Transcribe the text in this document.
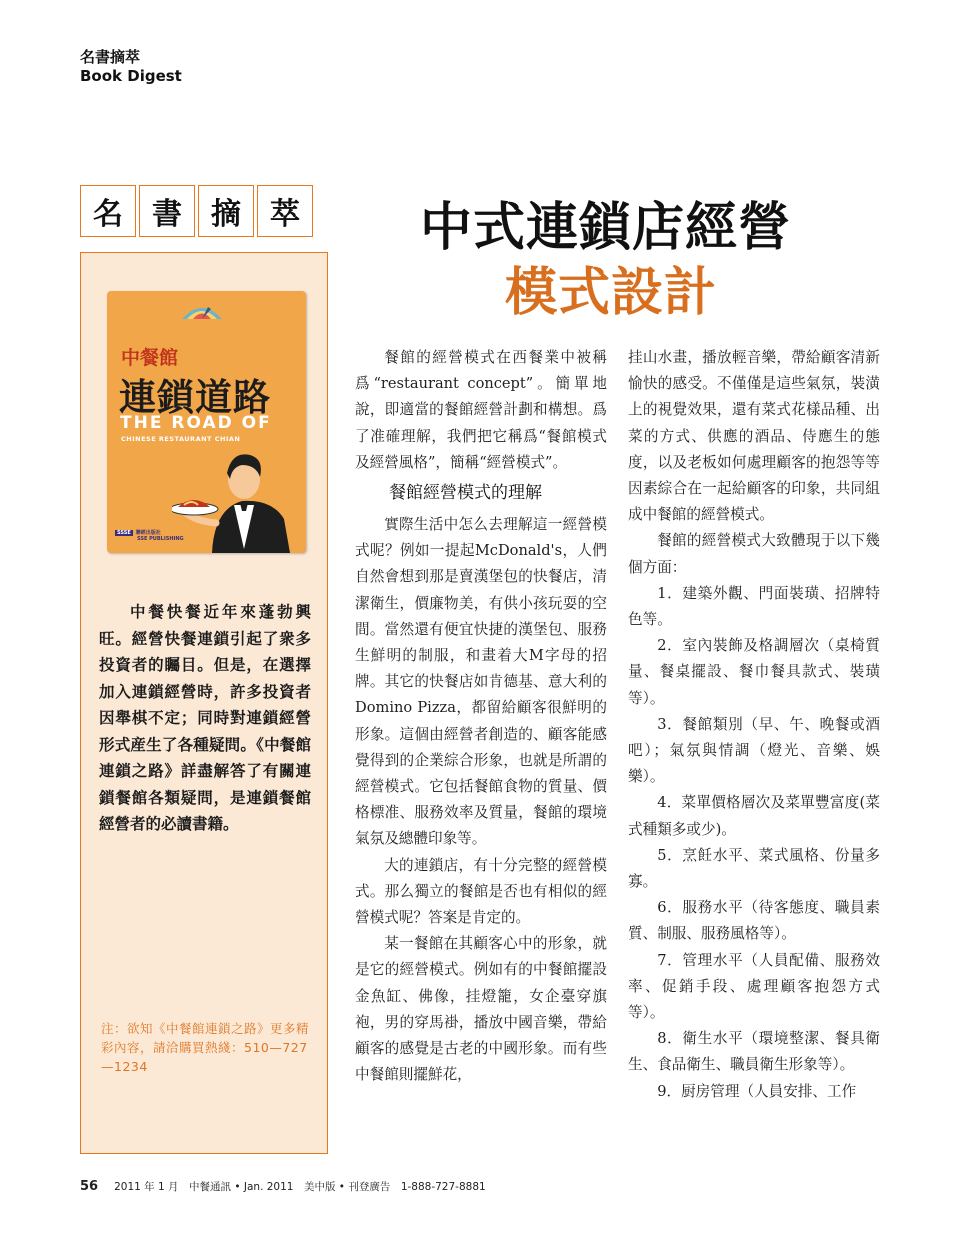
名書摘萃
Book Digest
名 書 摘 萃 中式連鎖店經營
模式設計
中餐館
連鎖道路
THE ROAD OF
CHINESE RESTAURANT CHIAN
SSSE 聯經出版社
SSE PUBLISHING

中餐快餐近年來蓬勃興旺。經營快餐連鎖引起了衆多投資者的矚目。但是，在選擇加入連鎖經營時，許多投資者因舉棋不定；同時對連鎖經營形式産生了各種疑問。《中餐館連鎖之路》詳盡解答了有關連鎖餐館各類疑問，是連鎖餐館經營者的必讀書籍。

注：欲知《中餐館連鎖之路》更多精彩內容，請洽購買熱綫：510—727—1234

餐館的經營模式在西餐業中被稱爲“restaurant concept”。簡單地說，即適當的餐館經營計劃和構想。爲了准確理解，我們把它稱爲“餐館模式及經營風格”，簡稱“經營模式”。

餐館經營模式的理解

實際生活中怎么去理解這一經營模式呢？例如一提起McDonald's，人們自然會想到那是賣漢堡包的快餐店，清潔衛生，價廉物美，有供小孩玩耍的空間。當然還有便宜快捷的漢堡包、服務生鮮明的制服，和畫着大M字母的招牌。其它的快餐店如肯德基、意大利的Domino Pizza，都留給顧客很鮮明的形象。這個由經營者創造的、顧客能感覺得到的企業綜合形象，也就是所謂的經營模式。它包括餐館食物的質量、價格標准、服務效率及質量，餐館的環境氣氛及總體印象等。

大的連鎖店，有十分完整的經營模式。那么獨立的餐館是否也有相似的經營模式呢？答案是肯定的。

某一餐館在其顧客心中的形象，就是它的經營模式。例如有的中餐館擺設金魚缸、佛像，挂燈籠，女企臺穿旗袍，男的穿馬褂，播放中國音樂，帶給顧客的感覺是古老的中國形象。而有些中餐館則擺鮮花，

挂山水畫，播放輕音樂，帶給顧客清新愉快的感受。不僅僅是這些氣氛，裝潢上的視覺效果，還有菜式花樣品種、出菜的方式、供應的酒品、侍應生的態度，以及老板如何處理顧客的抱怨等等因素綜合在一起給顧客的印象，共同組成中餐館的經營模式。

餐館的經營模式大致體現于以下幾個方面：

1．建築外觀、門面裝璜、招牌特色等。

2．室內裝飾及格調層次（桌椅質量、餐桌擺設、餐巾餐具款式、裝璜等）。

3．餐館類別（早、午、晚餐或酒吧）；氣氛與情調（燈光、音樂、娛樂）。

4．菜單價格層次及菜單豐富度(菜式種類多或少)。

5．烹飪水平、菜式風格、份量多寡。

6．服務水平（待客態度、職員素質、制服、服務風格等）。

7．管理水平（人員配備、服務效率、促銷手段、處理顧客抱怨方式等）。

8．衛生水平（環境整潔、餐具衛生、食品衛生、職員衛生形象等）。

9．厨房管理（人員安排、工作

56 2011 年 1 月　中餐通訊 • Jan. 2011　美中版 • 刊登廣告　1-888-727-8881
